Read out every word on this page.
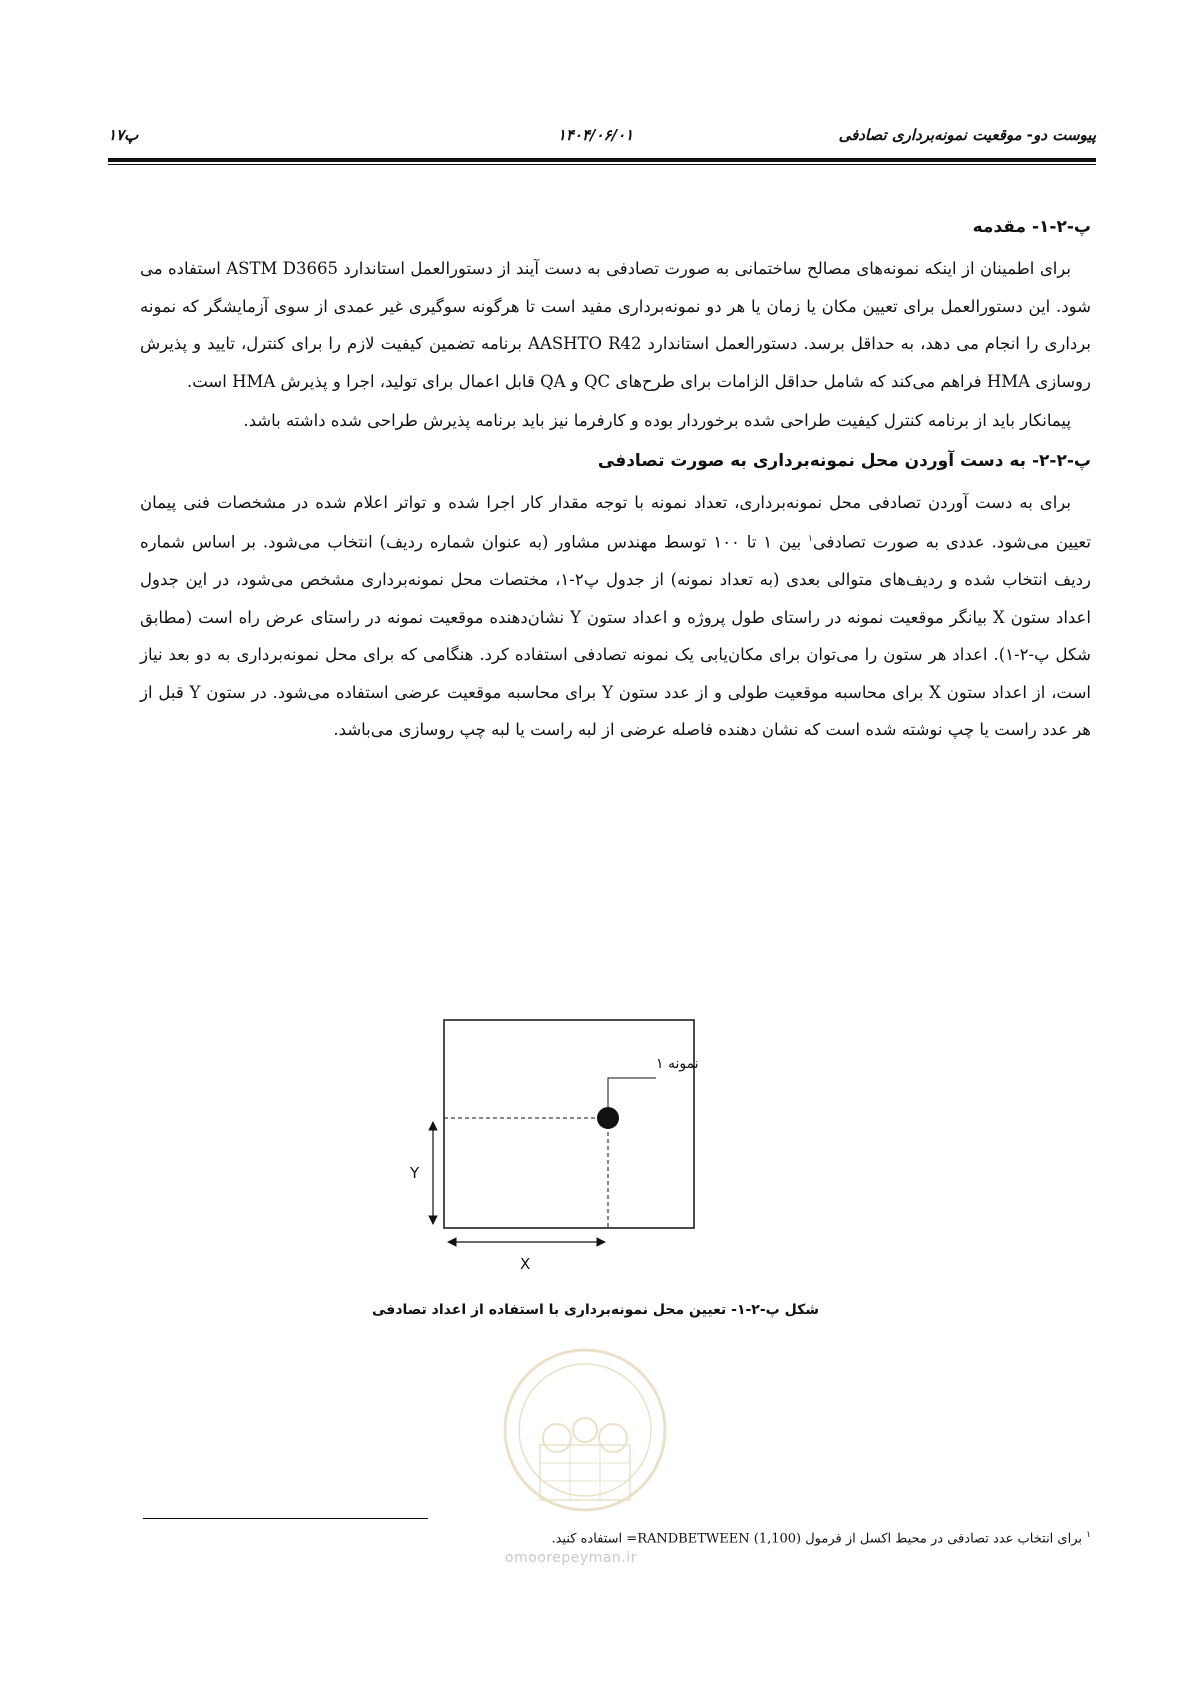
پیوست دو- موقعیت نمونه‌برداری تصادفی
۱۴۰۴/۰۶/۰۱
پ۱۷
پ-۲-۱- مقدمه

برای اطمینان از اینکه نمونه‌های مصالح ساختمانی به صورت تصادفی به دست آیند از دستورالعمل استاندارد ASTM D3665 استفاده می شود. این دستورالعمل برای تعیین مکان یا زمان یا هر دو نمونه‌برداری مفید است تا هرگونه سوگیری غیر عمدی از سوی آزمایشگر که نمونه برداری را انجام می دهد، به حداقل برسد. دستورالعمل استاندارد AASHTO R42 برنامه تضمین کیفیت لازم را برای کنترل، تایید و پذیرش روسازی HMA فراهم می‌کند که شامل حداقل الزامات برای طرح‌های QC و QA قابل اعمال برای تولید، اجرا و پذیرش HMA است.

پیمانکار باید از برنامه کنترل کیفیت طراحی شده برخوردار بوده و کارفرما نیز باید برنامه پذیرش طراحی شده داشته باشد.

پ-۲-۲- به دست آوردن محل نمونه‌برداری به صورت تصادفی

برای به دست آوردن تصادفی محل نمونه‌برداری، تعداد نمونه با توجه مقدار کار اجرا شده و تواتر اعلام شده در مشخصات فنی پیمان تعیین می‌شود. عددی به صورت تصادفی$^۱$ بین ۱ تا ۱۰۰ توسط مهندس مشاور (به عنوان شماره ردیف) انتخاب می‌شود. بر اساس شماره ردیف انتخاب شده و ردیف‌های متوالی بعدی (به تعداد نمونه) از جدول پ۲-۱، مختصات محل نمونه‌برداری مشخص می‌شود، در این جدول اعداد ستون X بیانگر موقعیت نمونه در راستای طول پروژه و اعداد ستون Y نشان‌دهنده موقعیت نمونه در راستای عرض راه است (مطابق شکل پ-۲-۱). اعداد هر ستون را می‌توان برای مکان‌یابی یک نمونه تصادفی استفاده کرد. هنگامی که برای محل نمونه‌برداری به دو بعد نیاز است، از اعداد ستون X برای محاسبه موقعیت طولی و از عدد ستون Y برای محاسبه موقعیت عرضی استفاده می‌شود. در ستون Y قبل از هر عدد راست یا چپ نوشته شده است که نشان دهنده فاصله عرضی از لبه راست یا لبه چپ روسازی می‌باشد.

نمونه ۱
Y
X
شکل پ-۲-۱- تعیین محل نمونه‌برداری با استفاده از اعداد تصادفی
$^۱$ برای انتخاب عدد تصادفی در محیط اکسل از فرمول (1,100) RANDBETWEEN= استفاده کنید.
omoorepeyman.ir
